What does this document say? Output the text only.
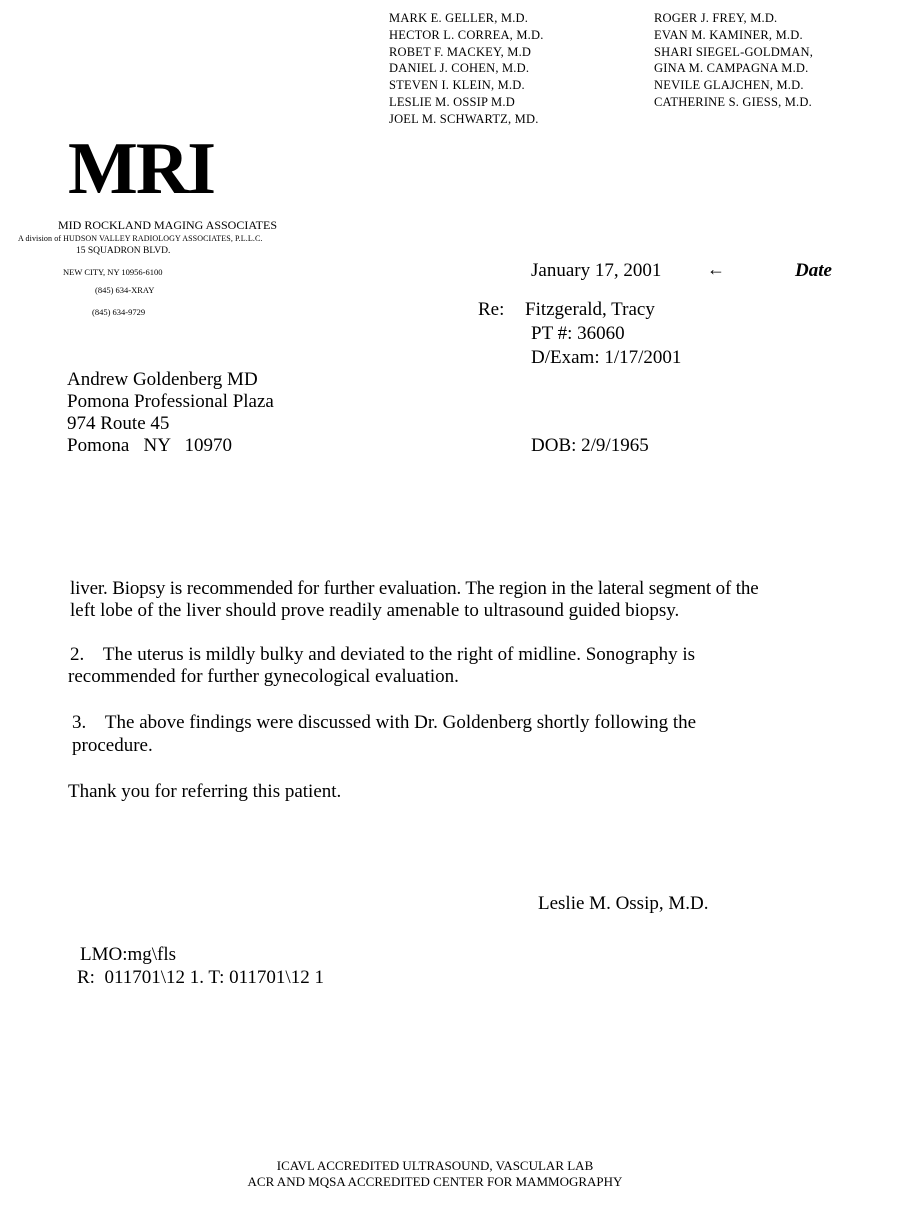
MARK E. GELLER, M.D.
HECTOR L. CORREA, M.D.
ROBET F. MACKEY, M.D
DANIEL J. COHEN, M.D.
STEVEN I. KLEIN, M.D.
LESLIE M. OSSIP M.D
JOEL M. SCHWARTZ, MD.
ROGER J. FREY, M.D.
EVAN M. KAMINER, M.D.
SHARI SIEGEL-GOLDMAN,
GINA M. CAMPAGNA M.D.
NEVILE GLAJCHEN, M.D.
CATHERINE S. GIESS, M.D.
MRI
MID ROCKLAND MAGING ASSOCIATES
A division of HUDSON VALLEY RADIOLOGY ASSOCIATES, P.L.L.C.
15 SQUADRON BLVD.
NEW CITY, NY 10956-6100
(845) 634-XRAY
(845) 634-9729
January 17, 2001	←	Date
Re: Fitzgerald, Tracy
PT #: 36060
D/Exam: 1/17/2001
DOB: 2/9/1965
Andrew Goldenberg MD
Pomona Professional Plaza
974 Route 45
Pomona   NY   10970
liver. Biopsy is recommended for further evaluation. The region in the lateral segment of the
left lobe of the liver should prove readily amenable to ultrasound guided biopsy.
2.    The uterus is mildly bulky and deviated to the right of midline. Sonography is
recommended for further gynecological evaluation.
3.    The above findings were discussed with Dr. Goldenberg shortly following the
procedure.
Thank you for referring this patient.
Leslie M. Ossip, M.D.
LMO:mg\fls
R:  011701\12 1. T: 011701\12 1
ICAVL ACCREDITED ULTRASOUND, VASCULAR LAB
ACR AND MQSA ACCREDITED CENTER FOR MAMMOGRAPHY
